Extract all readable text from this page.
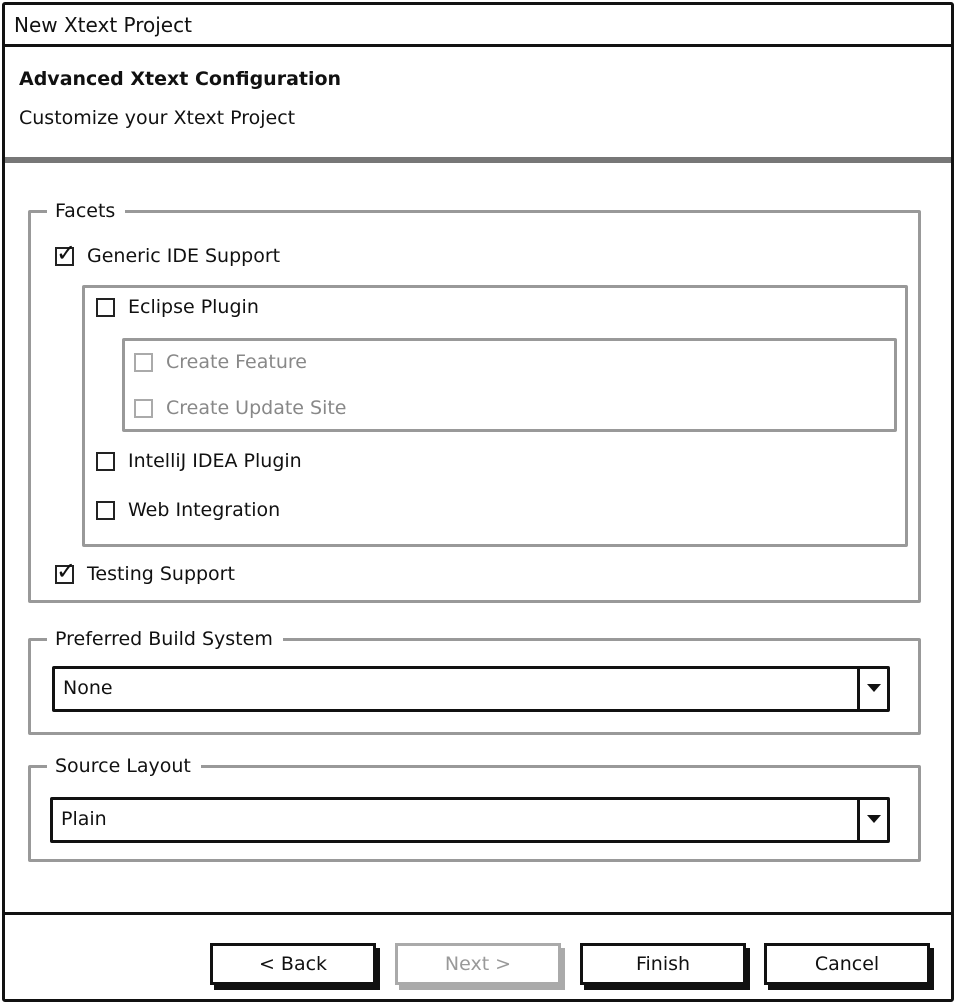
New Xtext Project
Advanced Xtext Configuration
Customize your Xtext Project
Facets
✓ Generic IDE Support
Eclipse Plugin
Create Feature
Create Update Site
IntelliJ IDEA Plugin
Web Integration
✓ Testing Support
Preferred Build System
None
Source Layout
Plain
< Back	Next >	Finish	Cancel
